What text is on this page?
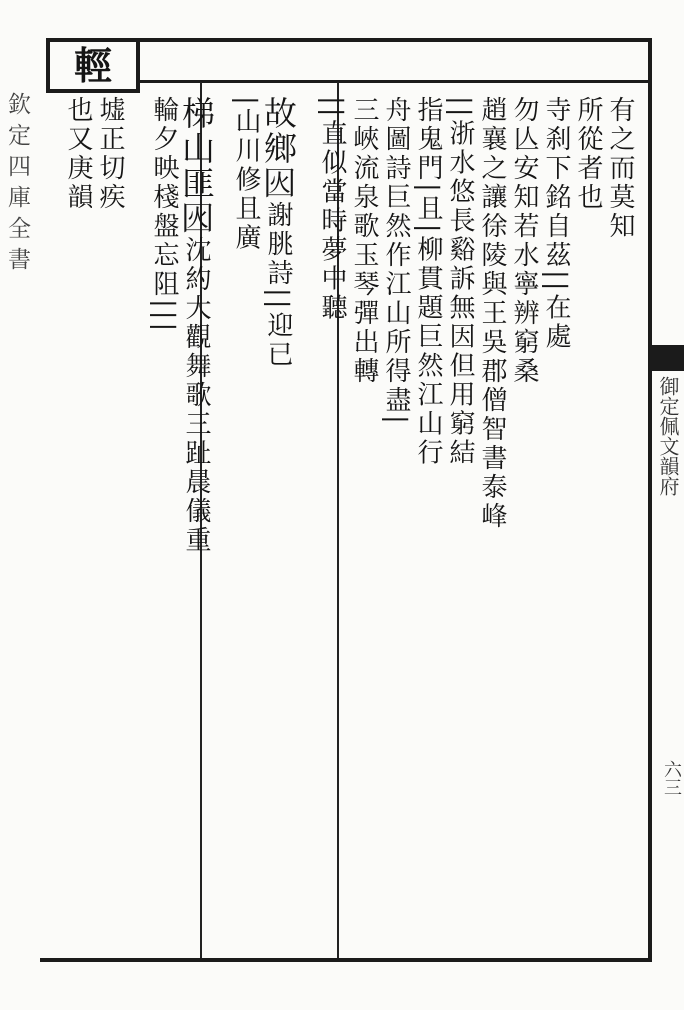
輕
欽定四庫全書
御定佩文韻府
六三
有之而莫知
所從者也
寺刹下銘自茲||在處
勿亾安知若水寧辨窮桑
趙襄之讓徐陵與王吳郡僧智書泰峰
||浙水悠長谿訴無因但用窮結
指鬼門|且|柳貫題巨然江山行
舟圖詩巨然作江山所得盡|
三峽流泉歌玉琴彈出轉
||直似當時夢中聽
故鄉𡇂謝朓詩||迎已
|山川修且廣
梯山匪𡇂沈約大觀舞歌三趾晨儀重
輪夕映棧盤忘阻|||
墟正切疾
也又庚韻
